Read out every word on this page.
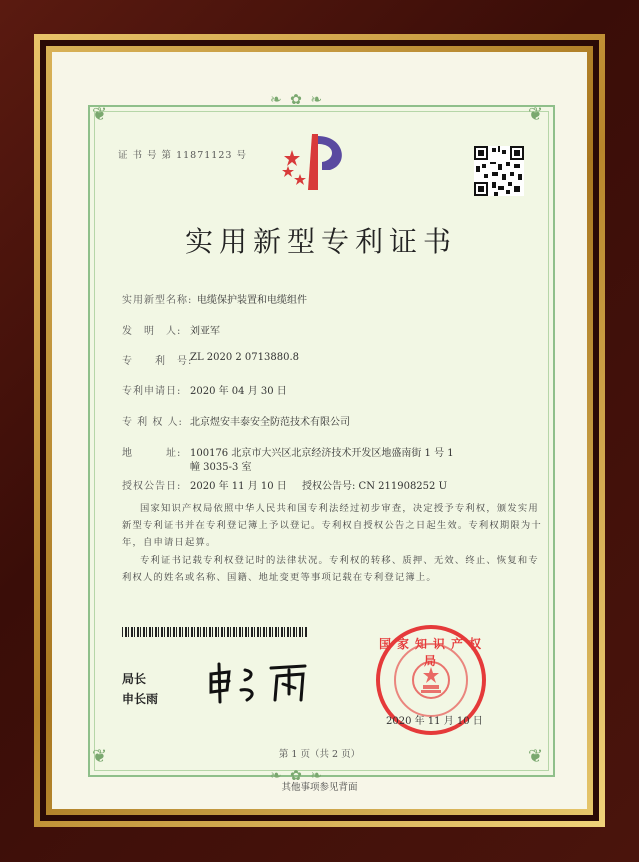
❦	❦
❦	❦
❧ ✿ ❧
❧ ✿ ❧
证 书 号 第 11871123 号
实用新型专利证书
实用新型名称: 电缆保护装置和电缆组件
发　明　人: 刘亚军
专　　利　号:
ZL 2020 2 0713880.8
专利申请日: 2020 年 04 月 30 日
专 利 权 人: 北京煜安丰泰安全防范技术有限公司
地　　　址: 100176 北京市大兴区北京经济技术开发区地盛南街 1 号 1
幢 3035-3 室
授权公告日: 2020 年 11 月 10 日 授权公告号: CN 211908252 U
国家知识产权局依照中华人民共和国专利法经过初步审查，决定授予专利权，颁发实用
新型专利证书并在专利登记簿上予以登记。专利权自授权公告之日起生效。专利权期限为十
年，自申请日起算。
专利证书记载专利权登记时的法律状况。专利权的转移、质押、无效、终止、恢复和专
利权人的姓名或名称、国籍、地址变更等事项记载在专利登记簿上。
局长
申长雨
国家知识产权局
2020 年 11 月 10 日
第 1 页（共 2 页）
其他事项参见背面
